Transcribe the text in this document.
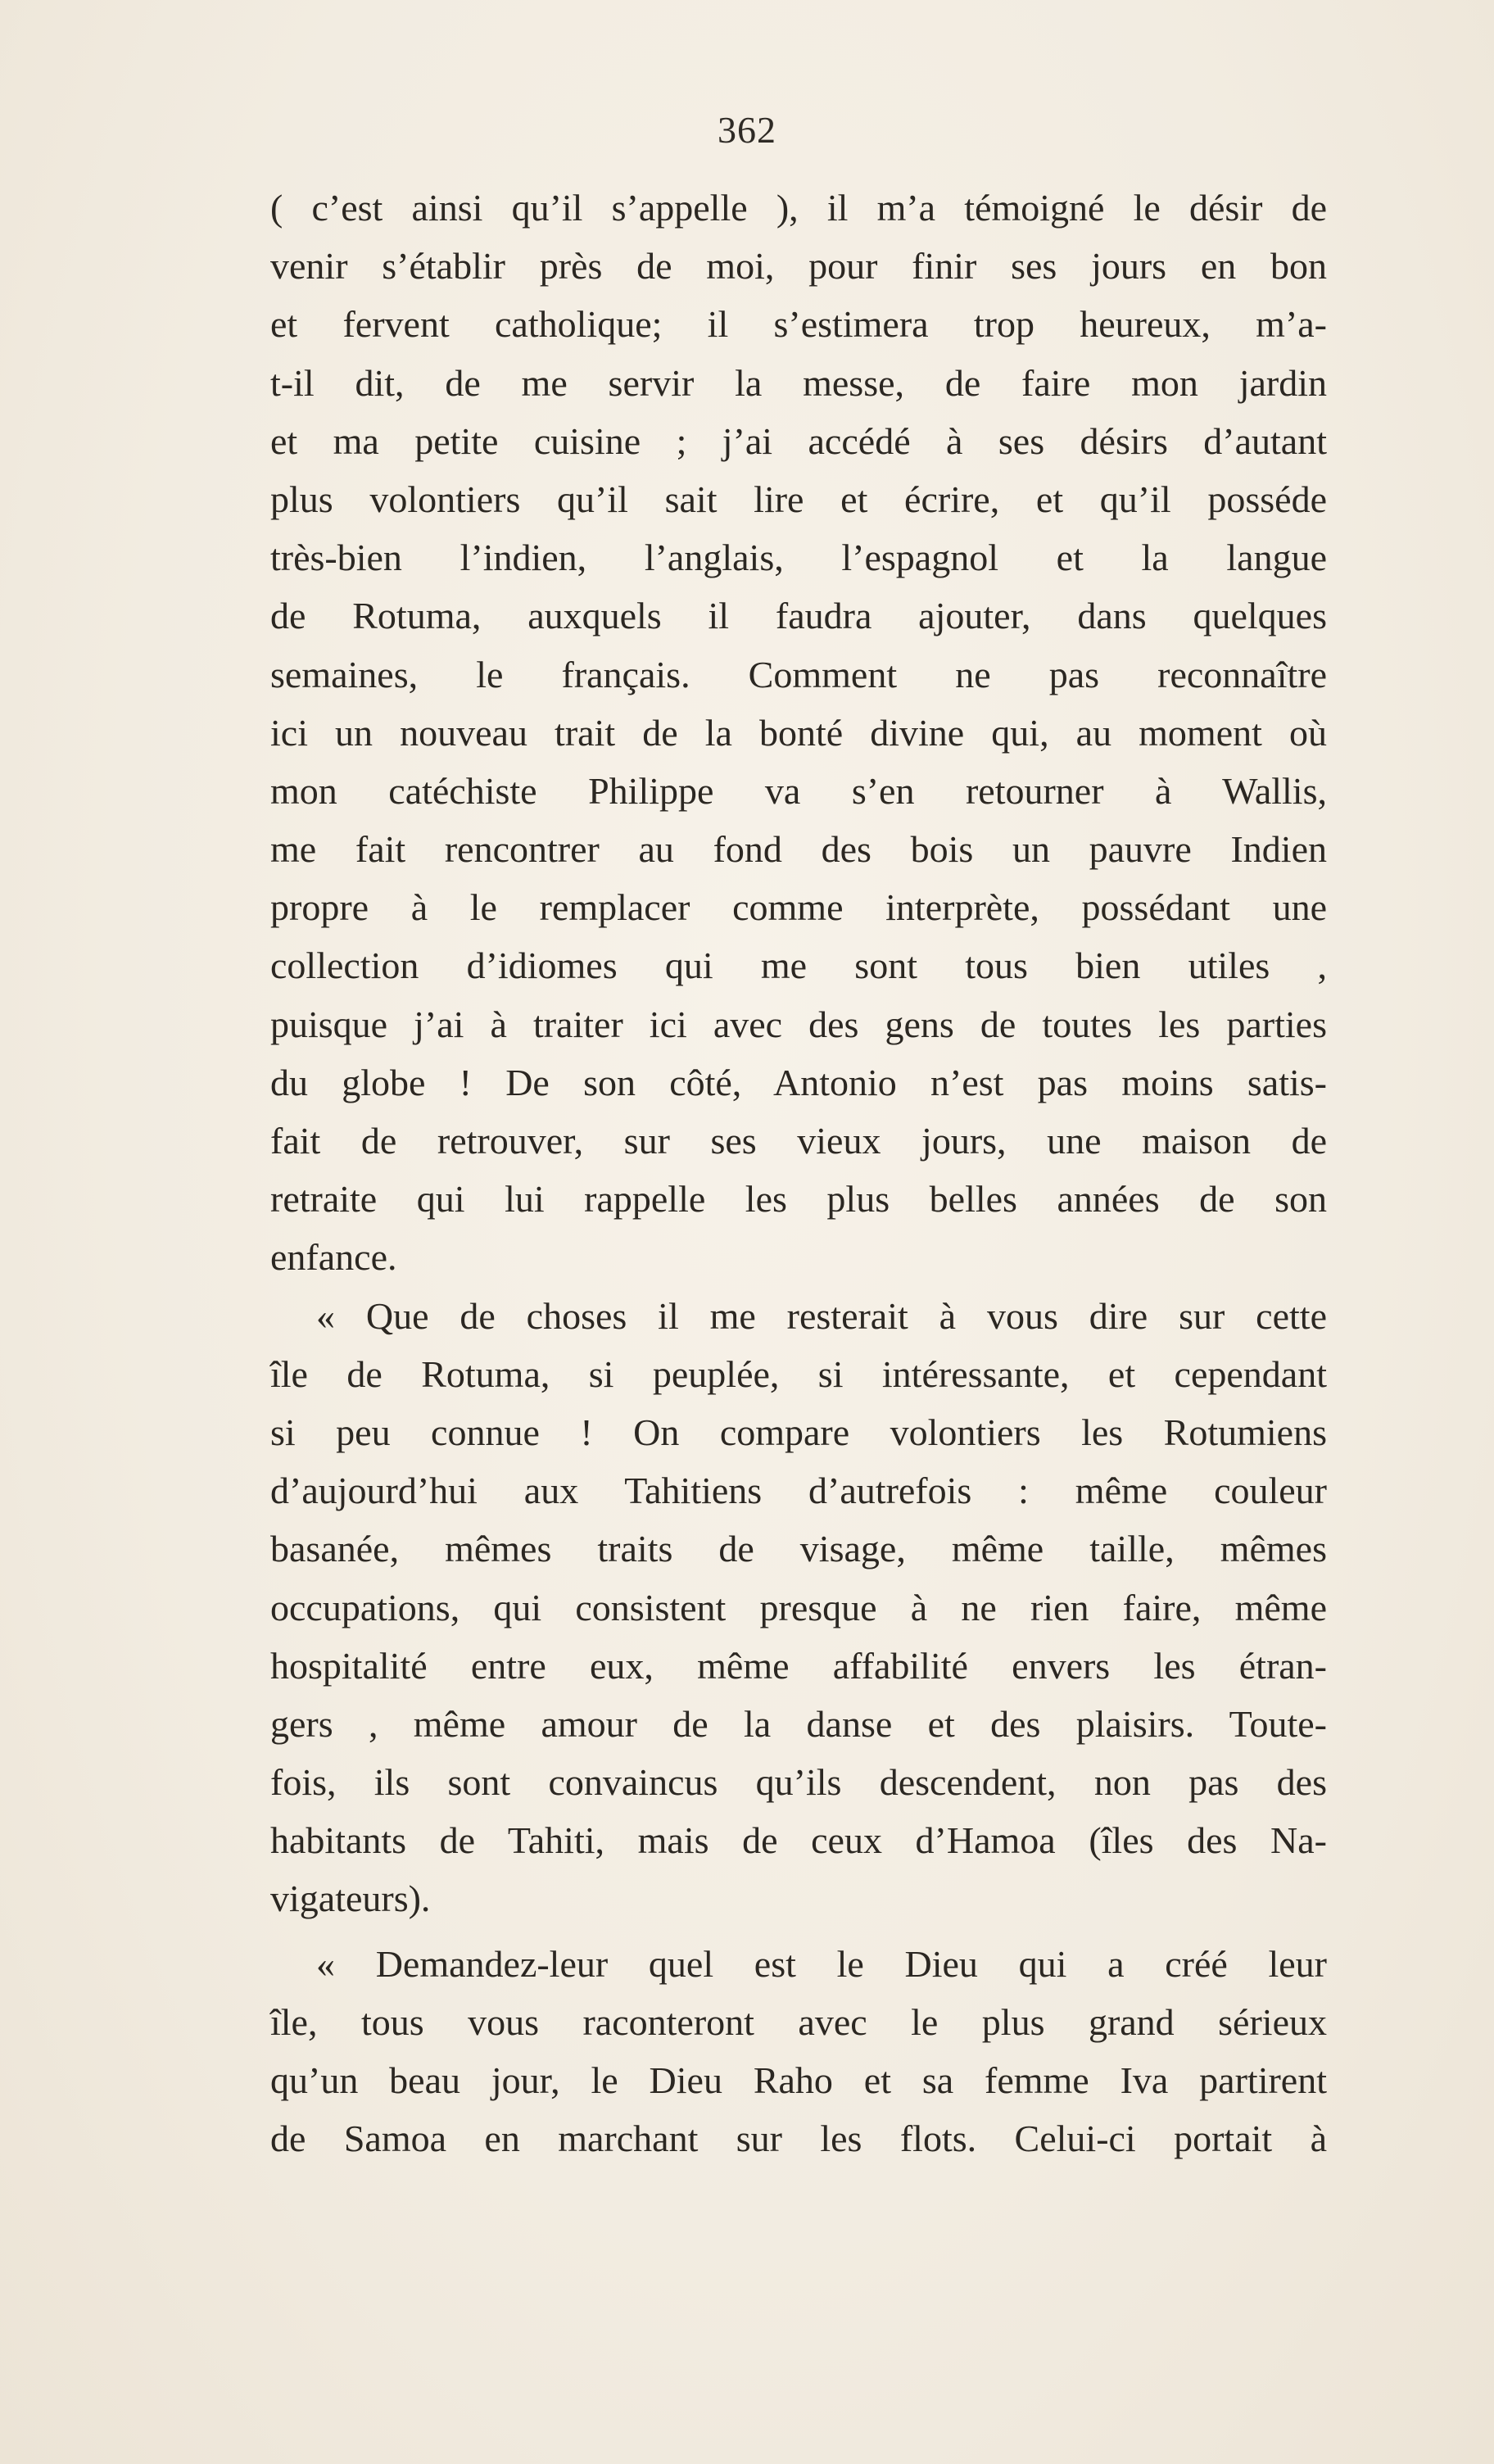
362
( c’est ainsi qu’il s’appelle ), il m’a témoigné le désir de
venir s’établir près de moi, pour finir ses jours en bon
et fervent catholique; il s’estimera trop heureux, m’a-
t-il dit, de me servir la messe, de faire mon jardin
et ma petite cuisine ; j’ai accédé à ses désirs d’autant
plus volontiers qu’il sait lire et écrire, et qu’il posséde
très-bien l’indien, l’anglais, l’espagnol et la langue
de Rotuma, auxquels il faudra ajouter, dans quelques
semaines, le français. Comment ne pas reconnaître
ici un nouveau trait de la bonté divine qui, au moment où
mon catéchiste Philippe va s’en retourner à Wallis,
me fait rencontrer au fond des bois un pauvre Indien
propre à le remplacer comme interprète, possédant une
collection d’idiomes qui me sont tous bien utiles ,
puisque j’ai à traiter ici avec des gens de toutes les parties
du globe ! De son côté, Antonio n’est pas moins satis-
fait de retrouver, sur ses vieux jours, une maison de
retraite qui lui rappelle les plus belles années de son
enfance.
« Que de choses il me resterait à vous dire sur cette
île de Rotuma, si peuplée, si intéressante, et cependant
si peu connue ! On compare volontiers les Rotumiens
d’aujourd’hui aux Tahitiens d’autrefois : même couleur
basanée, mêmes traits de visage, même taille, mêmes
occupations, qui consistent presque à ne rien faire, même
hospitalité entre eux, même affabilité envers les étran-
gers , même amour de la danse et des plaisirs. Toute-
fois, ils sont convaincus qu’ils descendent, non pas des
habitants de Tahiti, mais de ceux d’Hamoa (îles des Na-
vigateurs).
« Demandez-leur quel est le Dieu qui a créé leur
île, tous vous raconteront avec le plus grand sérieux
qu’un beau jour, le Dieu Raho et sa femme Iva partirent
de Samoa en marchant sur les flots. Celui-ci portait à
